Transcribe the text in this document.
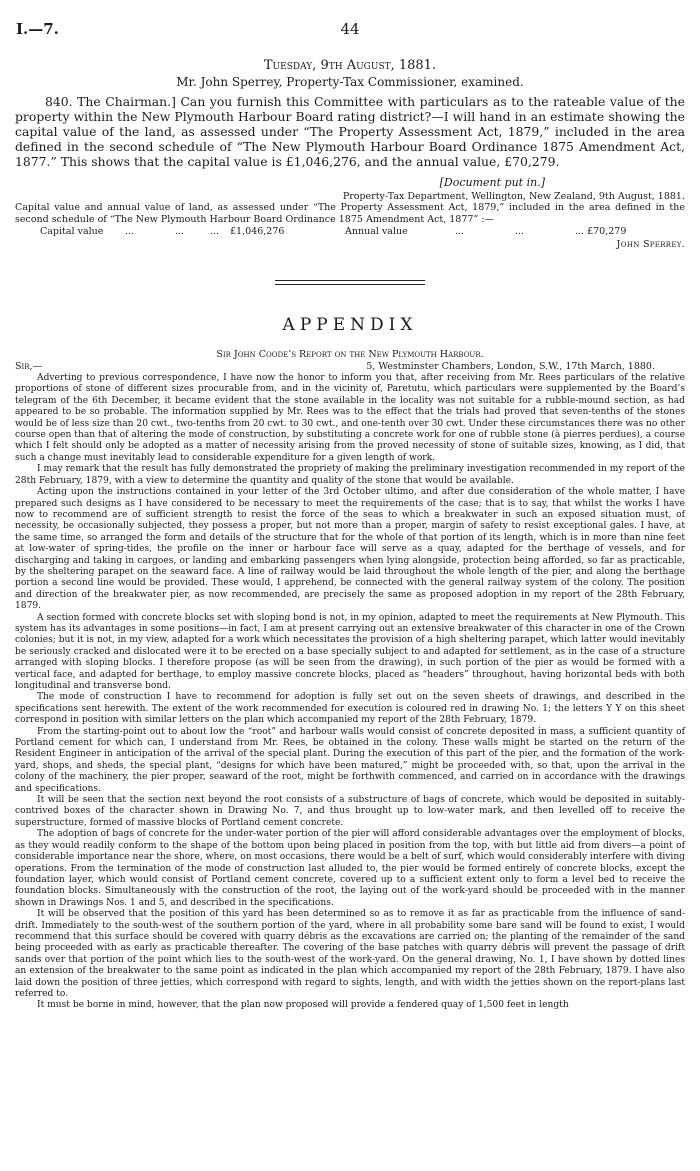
I.—7.	44

Tuesday, 9th August, 1881.

Mr. John Sperrey, Property-Tax Commissioner, examined.

840. The Chairman.] Can you furnish this Committee with particulars as to the rateable value of the property within the New Plymouth Harbour Board rating district?—I will hand in an estimate showing the capital value of the land, as assessed under “The Property Assessment Act, 1879,” included in the area defined in the second schedule of “The New Plymouth Harbour Board Ordinance 1875 Amendment Act, 1877.” This shows that the capital value is £1,046,276, and the annual value, £70,279.

[Document put in.]

Property-Tax Department, Wellington, New Zealand, 9th August, 1881.

Capital value and annual value of land, as assessed under “The Property Assessment Act, 1879,” included in the area defined in the second schedule of “The New Plymouth Harbour Board Ordinance 1875 Amendment Act, 1877” :—

Capital value ...	...	... £1,046,276	Annual value	...	...	... £70,279

John Sperrey.

APPENDIX

Sir John Coode’s Report on the New Plymouth Harbour.

Sir,—	5, Westminster Chambers, London, S.W., 17th March, 1880.

Adverting to previous correspondence, I have now the honor to inform you that, after receiving from Mr. Rees particulars of the relative proportions of stone of different sizes procurable from, and in the vicinity of, Paretutu, which particulars were supplemented by the Board’s telegram of the 6th December, it became evident that the stone available in the locality was not suitable for a rubble-mound section, as had appeared to be so probable. The information supplied by Mr. Rees was to the effect that the trials had proved that seven-tenths of the stones would be of less size than 20 cwt., two-tenths from 20 cwt. to 30 cwt., and one-tenth over 30 cwt. Under these circumstances there was no other course open than that of altering the mode of construction, by substituting a concrete work for one of rubble stone (à pierres perdues), a course which I felt should only be adopted as a matter of necessity arising from the proved necessity of stone of suitable sizes, knowing, as I did, that such a change must inevitably lead to considerable expenditure for a given length of work.

I may remark that the result has fully demonstrated the propriety of making the preliminary investigation recommended in my report of the 28th February, 1879, with a view to determine the quantity and quality of the stone that would be available.

Acting upon the instructions contained in your letter of the 3rd October ultimo, and after due consideration of the whole matter, I have prepared such designs as I have considered to be necessary to meet the requirements of the case; that is to say, that whilst the works I have now to recommend are of sufficient strength to resist the force of the seas to which a breakwater in such an exposed situation must, of necessity, be occasionally subjected, they possess a proper, but not more than a proper, margin of safety to resist exceptional gales. I have, at the same time, so arranged the form and details of the structure that for the whole of that portion of its length, which is in more than nine feet at low-water of spring-tides, the profile on the inner or harbour face will serve as a quay, adapted for the berthage of vessels, and for discharging and taking in cargoes, or landing and embarking passengers when lying alongside, protection being afforded, so far as practicable, by the sheltering parapet on the seaward face. A line of railway would be laid throughout the whole length of the pier, and along the berthage portion a second line would be provided. These would, I apprehend, be connected with the general railway system of the colony. The position and direction of the breakwater pier, as now recommended, are precisely the same as proposed adoption in my report of the 28th February, 1879.

A section formed with concrete blocks set with sloping bond is not, in my opinion, adapted to meet the requirements at New Plymouth. This system has its advantages in some positions—in fact, I am at present carrying out an extensive breakwater of this character in one of the Crown colonies; but it is not, in my view, adapted for a work which necessitates the provision of a high sheltering parapet, which latter would inevitably be seriously cracked and dislocated were it to be erected on a base specially subject to and adapted for settlement, as in the case of a structure arranged with sloping blocks. I therefore propose (as will be seen from the drawing), in such portion of the pier as would be formed with a vertical face, and adapted for berthage, to employ massive concrete blocks, placed as “headers” throughout, having horizontal beds with both longitudinal and transverse bond.

The mode of construction I have to recommend for adoption is fully set out on the seven sheets of drawings, and described in the specifications sent herewith. The extent of the work recommended for execution is coloured red in drawing No. 1; the letters Y Y on this sheet correspond in position with similar letters on the plan which accompanied my report of the 28th February, 1879.

From the starting-point out to about low the “root” and harbour walls would consist of concrete deposited in mass, a sufficient quantity of Portland cement for which can, I understand from Mr. Rees, be obtained in the colony. These walls might be started on the return of the Resident Engineer in anticipation of the arrival of the special plant. During the execution of this part of the pier, and the formation of the work-yard, shops, and sheds, the special plant, “designs for which have been matured,” might be proceeded with, so that, upon the arrival in the colony of the machinery, the pier proper, seaward of the root, might be forthwith commenced, and carried on in accordance with the drawings and specifications.

It will be seen that the section next beyond the root consists of a substructure of bags of concrete, which would be deposited in suitably-contrived boxes of the character shown in Drawing No. 7, and thus brought up to low-water mark, and then levelled off to receive the superstructure, formed of massive blocks of Portland cement concrete.

The adoption of bags of concrete for the under-water portion of the pier will afford considerable advantages over the employment of blocks, as they would readily conform to the shape of the bottom upon being placed in position from the top, with but little aid from divers—a point of considerable importance near the shore, where, on most occasions, there would be a belt of surf, which would considerably interfere with diving operations. From the termination of the mode of construction last alluded to, the pier would be formed entirely of concrete blocks, except the foundation layer, which would consist of Portland cement concrete, covered up to a sufficient extent only to form a level bed to receive the foundation blocks. Simultaneously with the construction of the root, the laying out of the work-yard should be proceeded with in the manner shown in Drawings Nos. 1 and 5, and described in the specifications.

It will be observed that the position of this yard has been determined so as to remove it as far as practicable from the influence of sand-drift. Immediately to the south-west of the southern portion of the yard, where in all probability some bare sand will be found to exist, I would recommend that this surface should be covered with quarry débris as the excavations are carried on; the planting of the remainder of the sand being proceeded with as early as practicable thereafter. The covering of the base patches with quarry débris will prevent the passage of drift sands over that portion of the point which lies to the south-west of the work-yard. On the general drawing, No. 1, I have shown by dotted lines an extension of the breakwater to the same point as indicated in the plan which accompanied my report of the 28th February, 1879. I have also laid down the position of three jetties, which correspond with regard to sights, length, and with width the jetties shown on the report-plans last referred to.

It must be borne in mind, however, that the plan now proposed will provide a fendered quay of 1,500 feet in length
